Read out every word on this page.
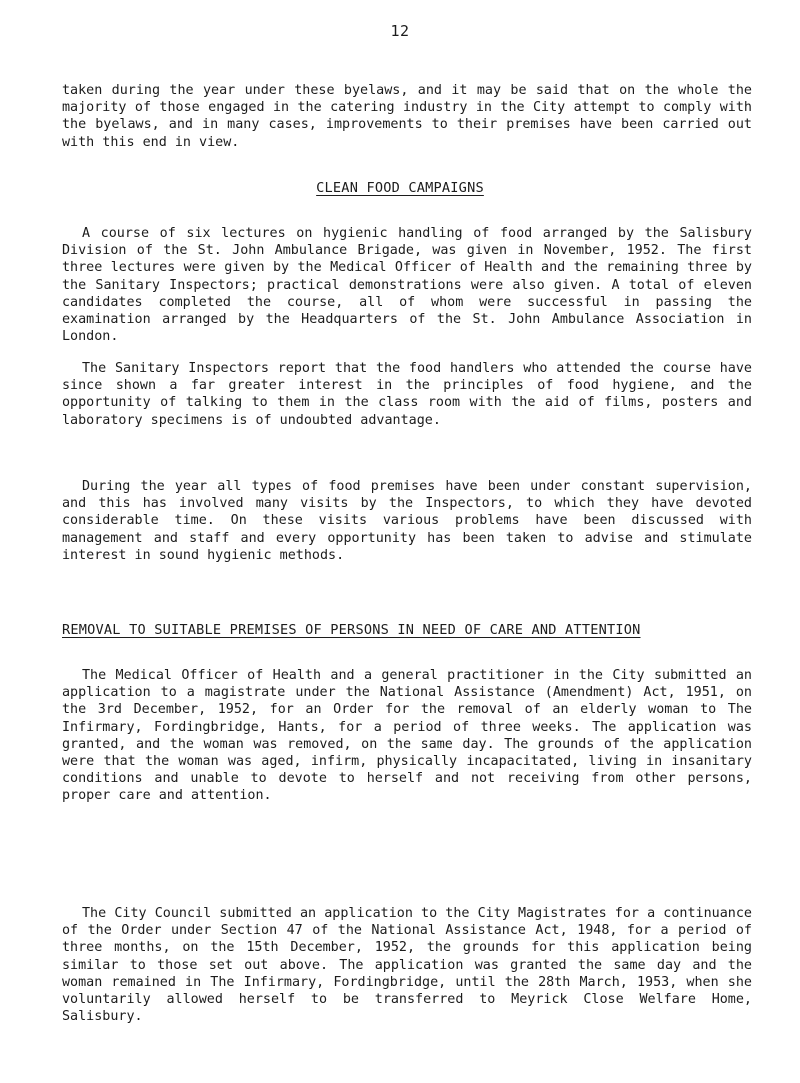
12

taken during the year under these byelaws, and it may be said that on the whole the majority of those engaged in the catering industry in the City attempt to comply with the byelaws, and in many cases, improvements to their premises have been carried out with this end in view.

CLEAN FOOD CAMPAIGNS

A course of six lectures on hygienic handling of food arranged by the Salisbury Division of the St. John Ambulance Brigade, was given in November, 1952. The first three lectures were given by the Medical Officer of Health and the remaining three by the Sanitary Inspectors; practical demonstrations were also given. A total of eleven candidates completed the course, all of whom were successful in passing the examination arranged by the Headquarters of the St. John Ambulance Association in London.

The Sanitary Inspectors report that the food handlers who attended the course have since shown a far greater interest in the principles of food hygiene, and the opportunity of talking to them in the class room with the aid of films, posters and laboratory specimens is of undoubted advantage.

During the year all types of food premises have been under constant supervision, and this has involved many visits by the Inspectors, to which they have devoted considerable time. On these visits various problems have been discussed with management and staff and every opportunity has been taken to advise and stimulate interest in sound hygienic methods.

REMOVAL TO SUITABLE PREMISES OF PERSONS IN NEED OF CARE AND ATTENTION

The Medical Officer of Health and a general practitioner in the City submitted an application to a magistrate under the National Assistance (Amendment) Act, 1951, on the 3rd December, 1952, for an Order for the removal of an elderly woman to The Infirmary, Fordingbridge, Hants, for a period of three weeks. The application was granted, and the woman was removed, on the same day. The grounds of the application were that the woman was aged, infirm, physically incapacitated, living in insanitary conditions and unable to devote to herself and not receiving from other persons, proper care and attention.

The City Council submitted an application to the City Magistrates for a continuance of the Order under Section 47 of the National Assistance Act, 1948, for a period of three months, on the 15th December, 1952, the grounds for this application being similar to those set out above. The application was granted the same day and the woman remained in The Infirmary, Fordingbridge, until the 28th March, 1953, when she voluntarily allowed herself to be transferred to Meyrick Close Welfare Home, Salisbury.
